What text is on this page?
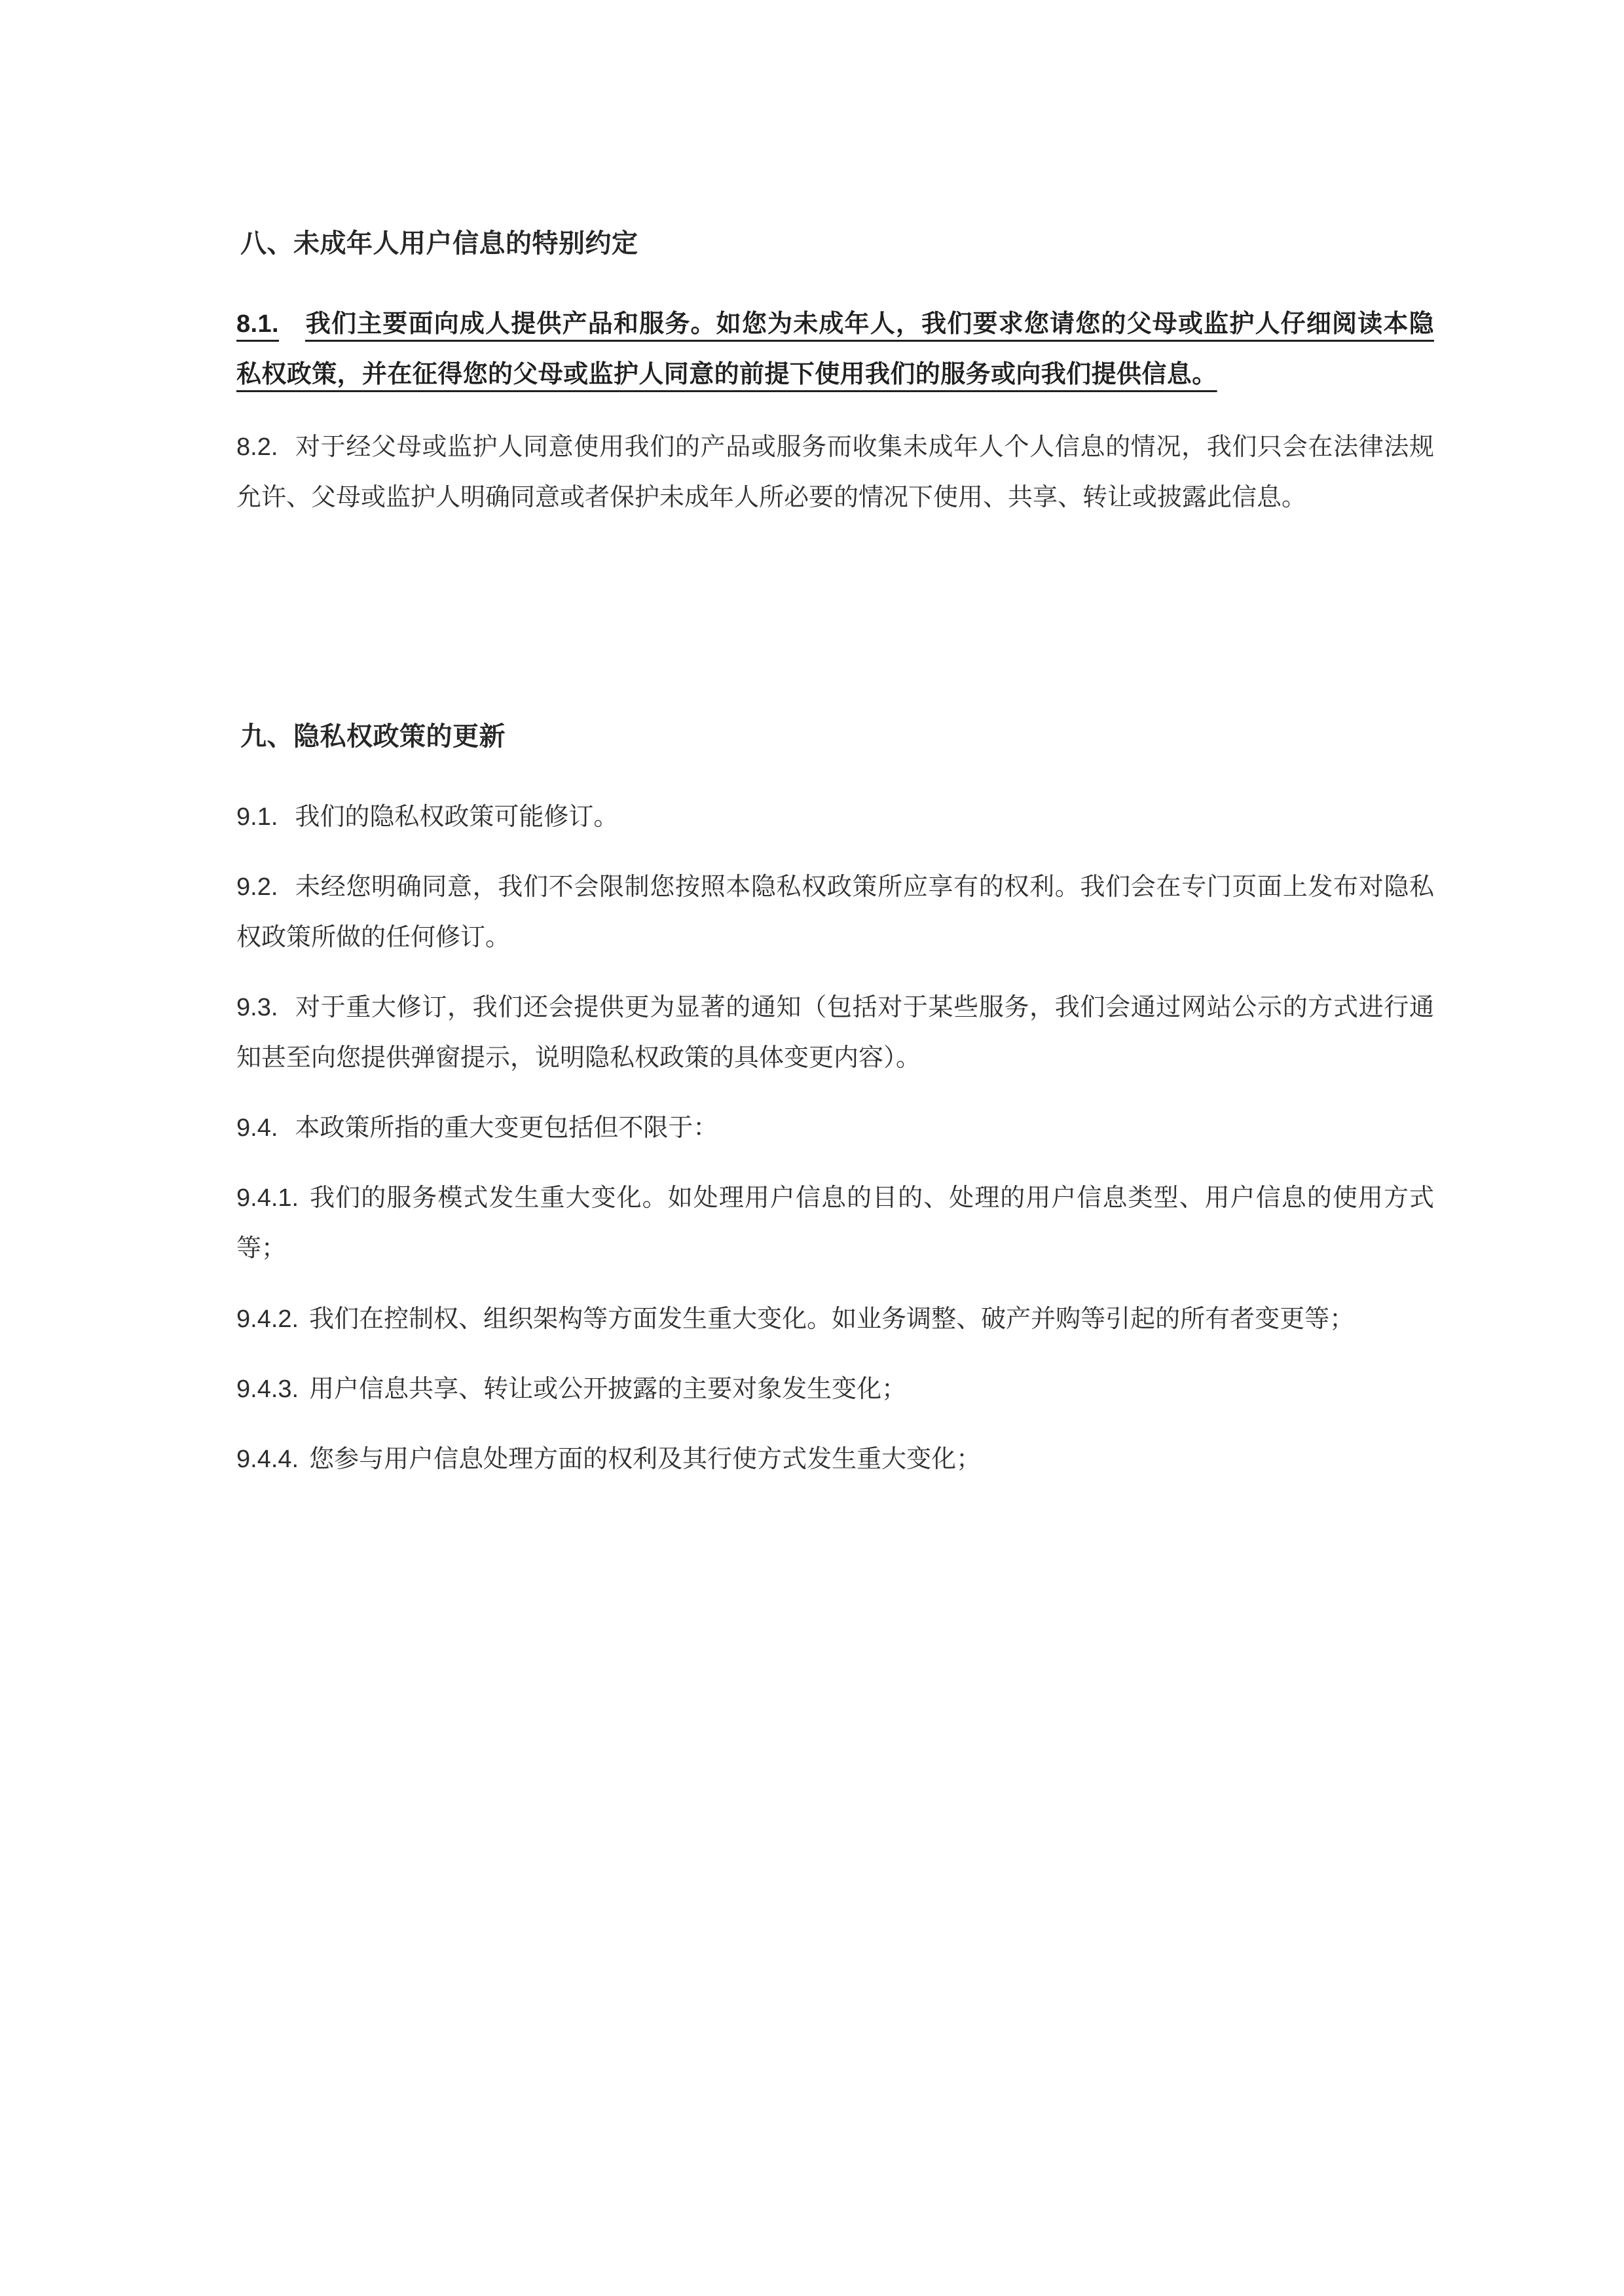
八、未成年人用户信息的特别约定

8.1. 我们主要面向成人提供产品和服务。如您为未成年人，我们要求您请您的父母或监护人仔细阅读本隐私权政策，并在征得您的父母或监护人同意的前提下使用我们的服务或向我们提供信息。

8.2. 对于经父母或监护人同意使用我们的产品或服务而收集未成年人个人信息的情况，我们只会在法律法规允许、父母或监护人明确同意或者保护未成年人所必要的情况下使用、共享、转让或披露此信息。

九、隐私权政策的更新

9.1. 我们的隐私权政策可能修订。

9.2. 未经您明确同意，我们不会限制您按照本隐私权政策所应享有的权利。我们会在专门页面上发布对隐私权政策所做的任何修订。

9.3. 对于重大修订，我们还会提供更为显著的通知（包括对于某些服务，我们会通过网站公示的方式进行通知甚至向您提供弹窗提示，说明隐私权政策的具体变更内容）。

9.4. 本政策所指的重大变更包括但不限于：

9.4.1. 我们的服务模式发生重大变化。如处理用户信息的目的、处理的用户信息类型、用户信息的使用方式等；

9.4.2. 我们在控制权、组织架构等方面发生重大变化。如业务调整、破产并购等引起的所有者变更等；

9.4.3. 用户信息共享、转让或公开披露的主要对象发生变化；

9.4.4. 您参与用户信息处理方面的权利及其行使方式发生重大变化；
